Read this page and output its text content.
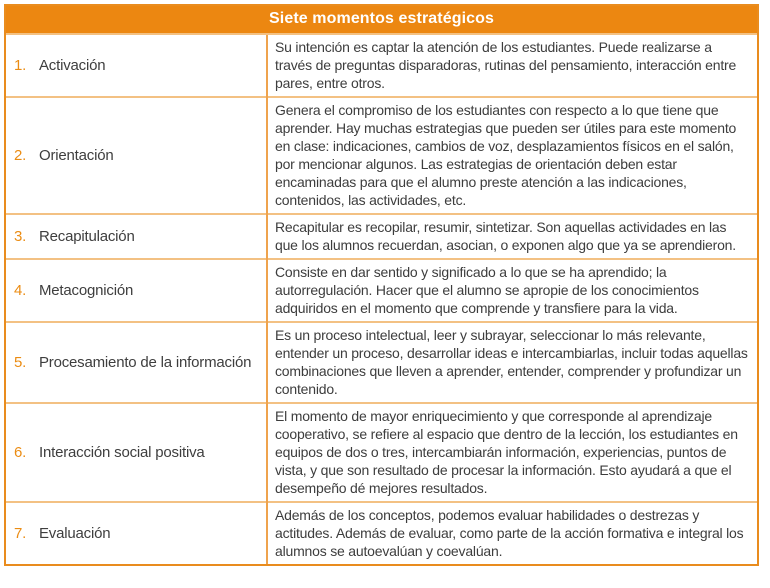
Siete momentos estratégicos	
1. Activación	Su intención es captar la atención de los estudiantes. Puede realizarse a través de preguntas disparadoras, rutinas del pensamiento, interacción entre pares, entre otros.
2. Orientación	Genera el compromiso de los estudiantes con respecto a lo que tiene que aprender. Hay muchas estrategias que pueden ser útiles para este momento en clase: indicaciones, cambios de voz, desplazamientos físicos en el salón, por mencionar algunos. Las estrategias de orientación deben estar encaminadas para que el alumno preste atención a las indicaciones, contenidos, las actividades, etc.
3. Recapitulación	Recapitular es recopilar, resumir, sintetizar. Son aquellas actividades en las que los alumnos recuerdan, asocian, o exponen algo que ya se aprendieron.
4. Metacognición	Consiste en dar sentido y significado a lo que se ha aprendido; la autorregulación. Hacer que el alumno se apropie de los conocimientos adquiridos en el momento que comprende y transfiere para la vida.
5. Procesamiento de la información	Es un proceso intelectual, leer y subrayar, seleccionar lo más relevante, entender un proceso, desarrollar ideas e intercambiarlas, incluir todas aquellas combinaciones que lleven a aprender, entender, comprender y profundizar un contenido.
6. Interacción social positiva	El momento de mayor enriquecimiento y que corresponde al aprendizaje cooperativo, se refiere al espacio que dentro de la lección, los estudiantes en equipos de dos o tres, intercambiarán información, experiencias, puntos de vista, y que son resultado de procesar la información. Esto ayudará a que el desempeño dé mejores resultados.
7. Evaluación	Además de los conceptos, podemos evaluar habilidades o destrezas y actitudes. Además de evaluar, como parte de la acción formativa e integral los alumnos se autoevalúan y coevalúan.
